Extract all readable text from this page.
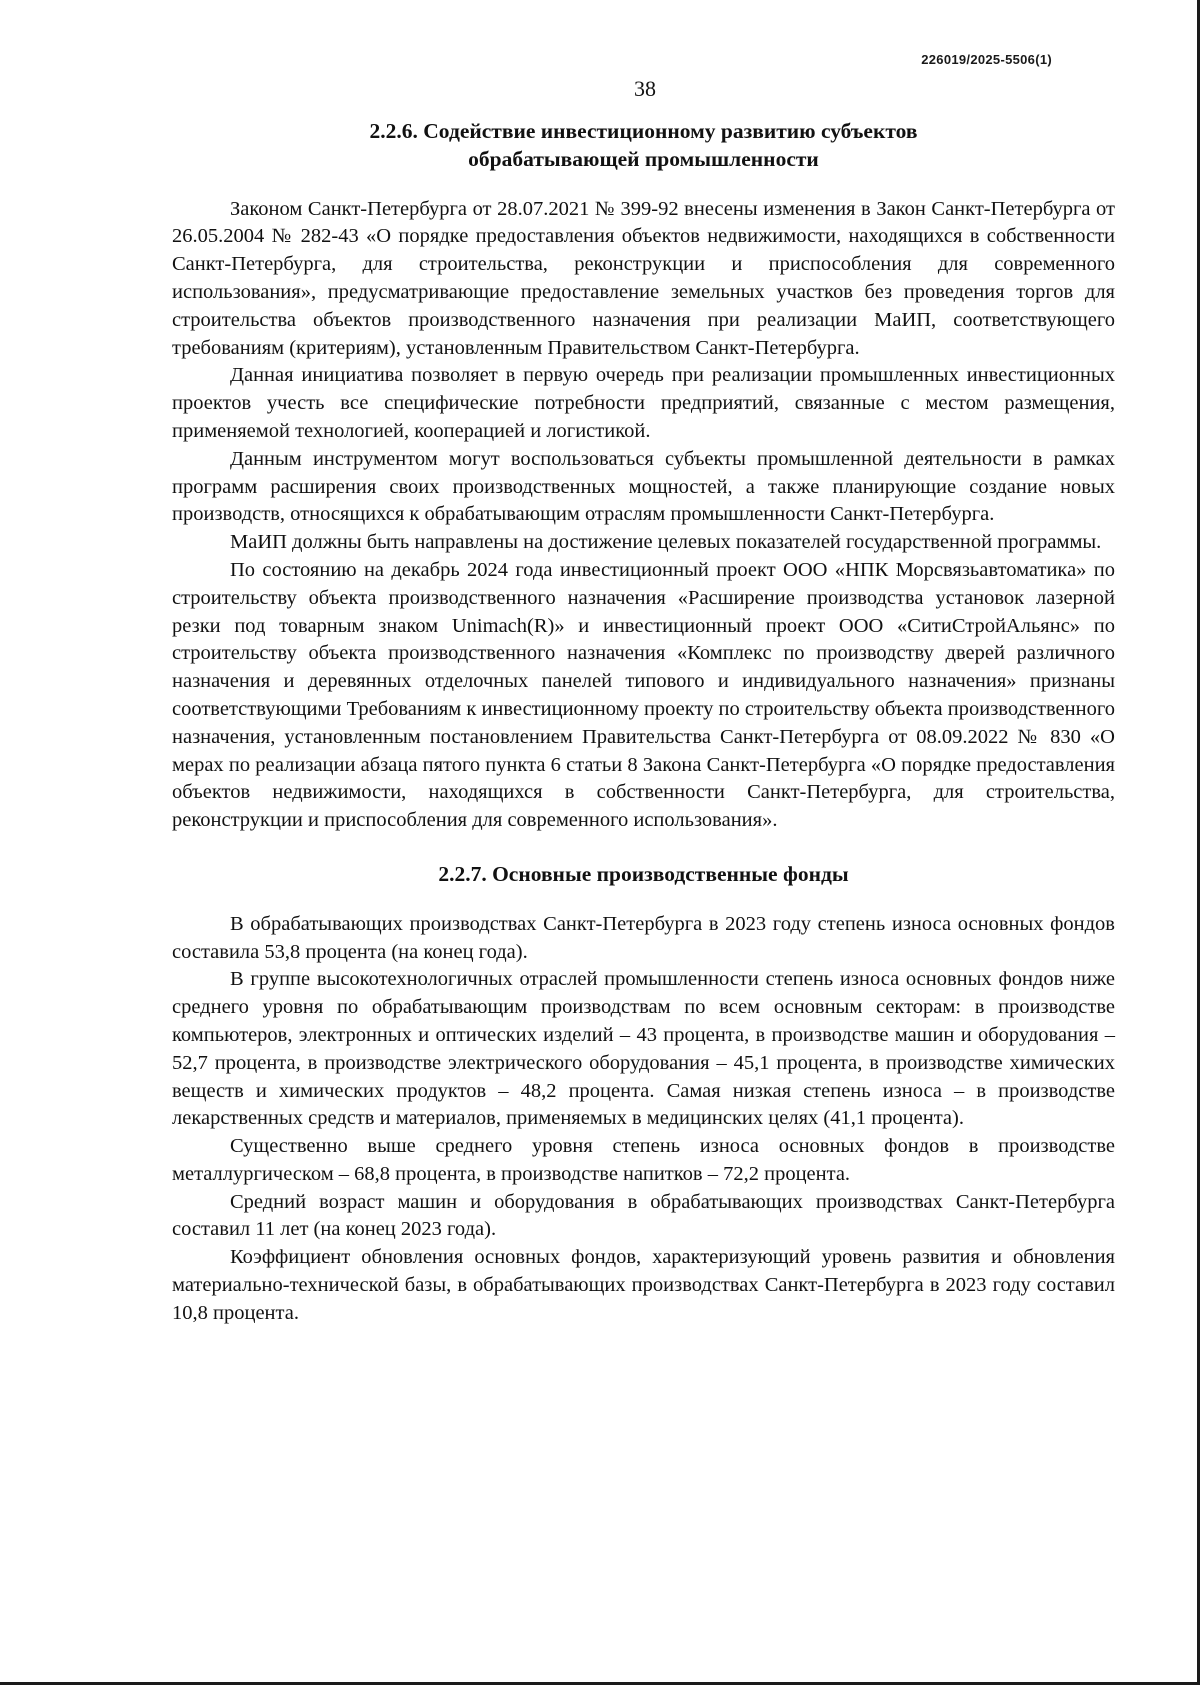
226019/2025-5506(1)
38

2.2.6. Содействие инвестиционному развитию субъектов

обрабатывающей промышленности

Законом Санкт-Петербурга от 28.07.2021 № 399-92 внесены изменения в Закон Санкт-Петербурга от 26.05.2004 № 282-43 «О порядке предоставления объектов недвижимости, находящихся в собственности Санкт-Петербурга, для строительства, реконструкции и приспособления для современного использования», предусматривающие предоставление земельных участков без проведения торгов для строительства объектов производственного назначения при реализации МаИП, соответствующего требованиям (критериям), установленным Правительством Санкт-Петербурга.

Данная инициатива позволяет в первую очередь при реализации промышленных инвестиционных проектов учесть все специфические потребности предприятий, связанные с местом размещения, применяемой технологией, кооперацией и логистикой.

Данным инструментом могут воспользоваться субъекты промышленной деятельности в рамках программ расширения своих производственных мощностей, а также планирующие создание новых производств, относящихся к обрабатывающим отраслям промышленности Санкт-Петербурга.

МаИП должны быть направлены на достижение целевых показателей государственной программы.

По состоянию на декабрь 2024 года инвестиционный проект ООО «НПК Морсвязьавтоматика» по строительству объекта производственного назначения «Расширение производства установок лазерной резки под товарным знаком Unimach(R)» и инвестиционный проект ООО «СитиСтройАльянс» по строительству объекта производственного назначения «Комплекс по производству дверей различного назначения и деревянных отделочных панелей типового и индивидуального назначения» признаны соответствующими Требованиям к инвестиционному проекту по строительству объекта производственного назначения, установленным постановлением Правительства Санкт-Петербурга от 08.09.2022 № 830 «О мерах по реализации абзаца пятого пункта 6 статьи 8 Закона Санкт-Петербурга «О порядке предоставления объектов недвижимости, находящихся в собственности Санкт-Петербурга, для строительства, реконструкции и приспособления для современного использования».

2.2.7. Основные производственные фонды

В обрабатывающих производствах Санкт-Петербурга в 2023 году степень износа основных фондов составила 53,8 процента (на конец года).

В группе высокотехнологичных отраслей промышленности степень износа основных фондов ниже среднего уровня по обрабатывающим производствам по всем основным секторам: в производстве компьютеров, электронных и оптических изделий – 43 процента, в производстве машин и оборудования – 52,7 процента, в производстве электрического оборудования – 45,1 процента, в производстве химических веществ и химических продуктов – 48,2 процента. Самая низкая степень износа – в производстве лекарственных средств и материалов, применяемых в медицинских целях (41,1 процента).

Существенно выше среднего уровня степень износа основных фондов в производстве металлургическом – 68,8 процента, в производстве напитков – 72,2 процента.

Средний возраст машин и оборудования в обрабатывающих производствах Санкт-Петербурга составил 11 лет (на конец 2023 года).

Коэффициент обновления основных фондов, характеризующий уровень развития и обновления материально-технической базы, в обрабатывающих производствах Санкт-Петербурга в 2023 году составил 10,8 процента.
